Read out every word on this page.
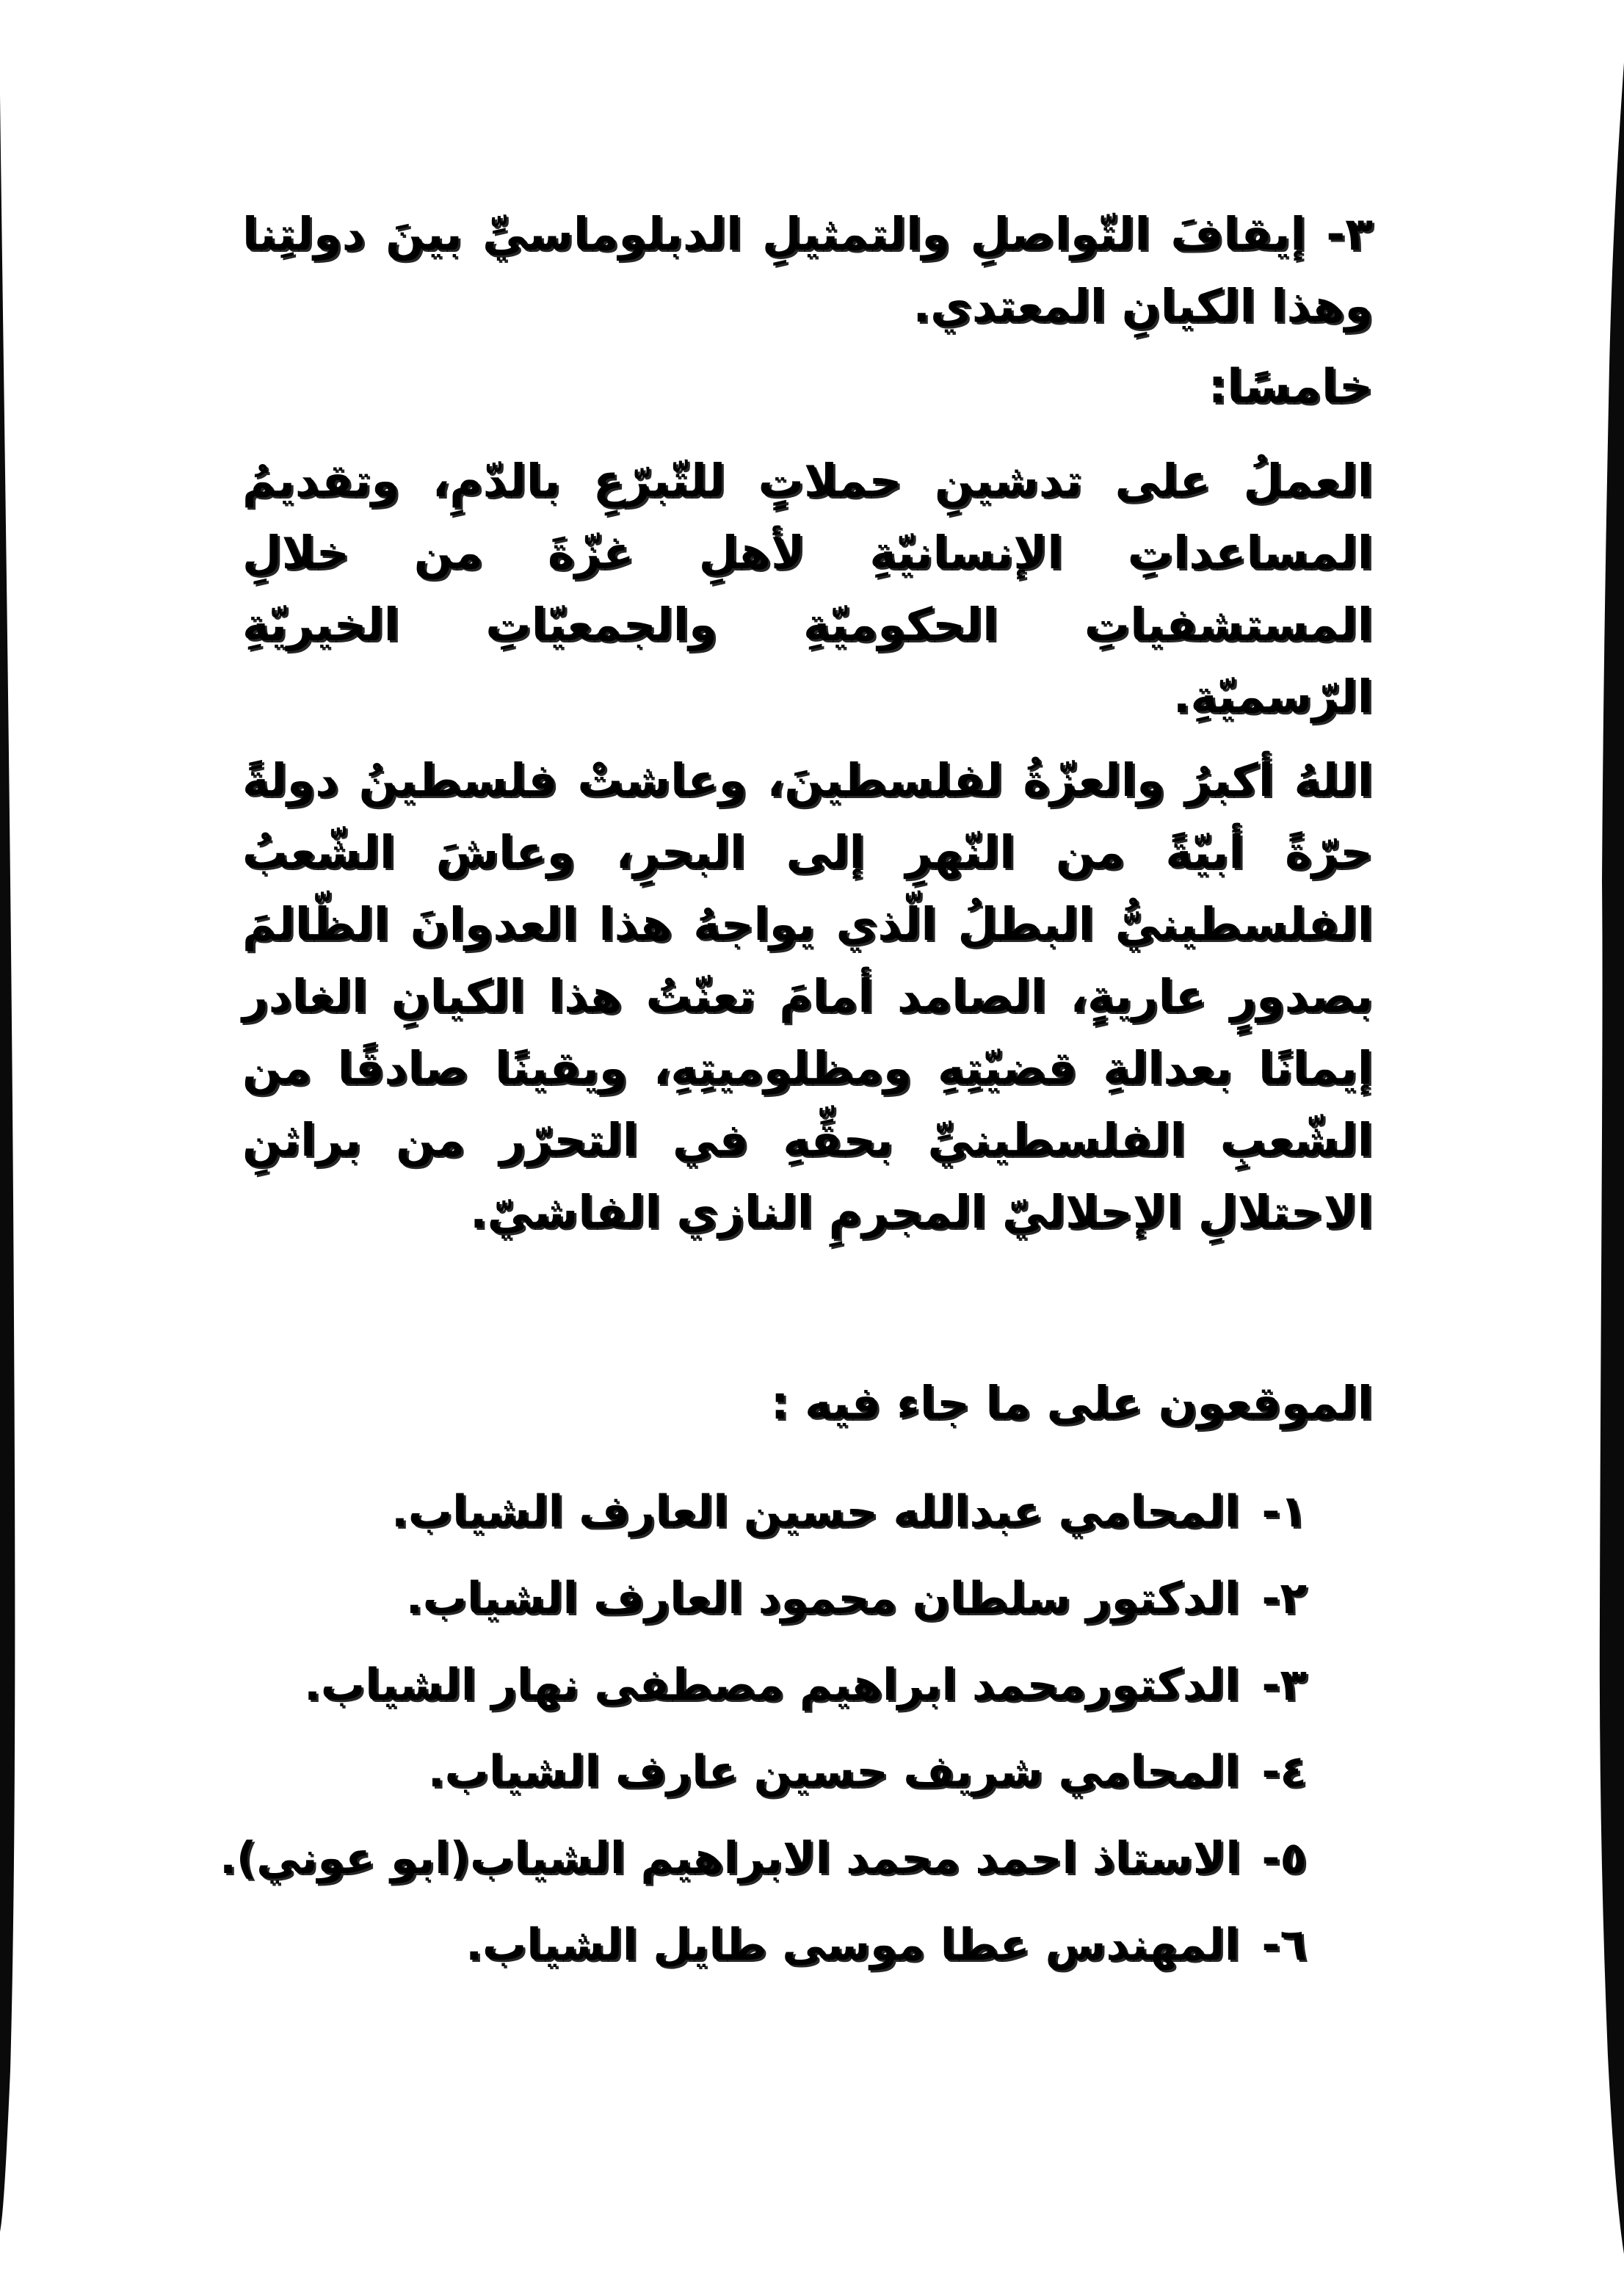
٣- إيقافَ التّواصلِ والتمثيلِ الدبلوماسيِّ بينَ دولتِنا وهذا الكيانِ المعتدي.

خامسًا:

العملُ على تدشينِ حملاتٍ للتّبرّعِ بالدّمِ، وتقديمُ المساعداتِ الإنسانيّةِ لأهلِ غزّةَ من خلالِ المستشفياتِ الحكوميّةِ والجمعيّاتِ الخيريّةِ الرّسميّةِ.

اللهُ أكبرُ والعزّةُ لفلسطينَ، وعاشتْ فلسطينُ دولةً حرّةً أبيّةً من النّهرِ إلى البحرِ، وعاشَ الشّعبُ الفلسطينيُّ البطلُ الّذي يواجهُ هذا العدوانَ الظّالمَ بصدورٍ عاريةٍ، الصامد أمامَ تعنّتُ هذا الكيانِ الغادر إيمانًا بعدالةِ قضيّتِهِ ومظلوميتِهِ، ويقينًا صادقًا من الشّعبِ الفلسطينيِّ بحقِّهِ في التحرّر من براثنِ الاحتلالِ الإحلاليّ المجرمِ النازي الفاشيّ.

الموقعون على ما جاء فيه :
١-
المحامي عبدالله حسين العارف الشياب.
٢-
الدكتور سلطان محمود العارف الشياب.
٣-
الدكتورمحمد ابراهيم مصطفى نهار الشياب.
٤-
المحامي شريف حسين عارف الشياب.
٥-
الاستاذ احمد محمد الابراهيم الشياب(ابو عوني).
٦-
المهندس عطا موسى طايل الشياب.
